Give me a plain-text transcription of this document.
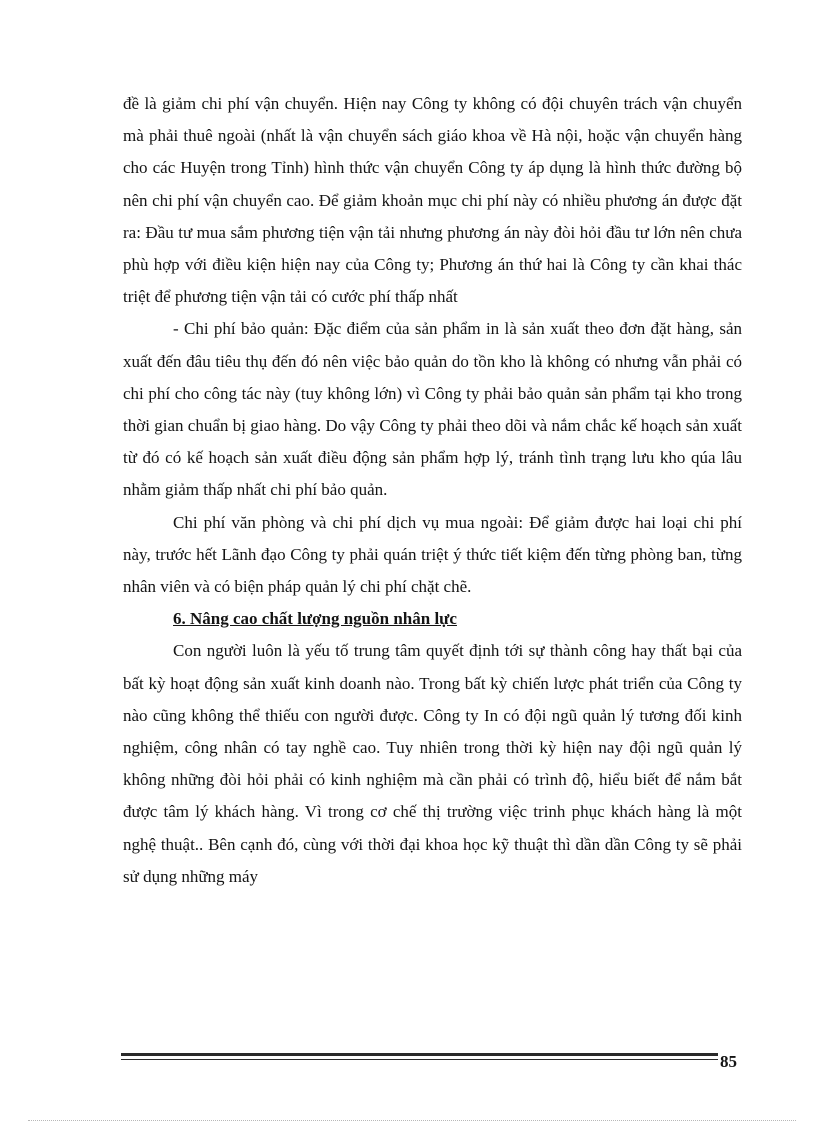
đề là giảm chi phí vận chuyển. Hiện nay Công ty không có đội chuyên trách vận chuyển mà phải thuê ngoài (nhất là vận chuyển sách giáo khoa về Hà nội, hoặc vận chuyển hàng cho các Huyện trong Tỉnh) hình thức vận chuyển Công ty áp dụng là hình thức đường bộ nên chi phí vận chuyển cao. Để giảm khoản mục chi phí này có nhiều phương án được đặt ra: Đầu tư mua sắm phương tiện vận tải nhưng phương án này đòi hỏi đầu tư lớn nên chưa phù hợp với điều kiện hiện nay của Công ty; Phương án thứ hai là Công ty cần khai thác triệt để phương tiện vận tải có cước phí thấp nhất

- Chi phí bảo quản: Đặc điểm của sản phẩm in là sản xuất theo đơn đặt hàng, sản xuất đến đâu tiêu thụ đến đó nên việc bảo quản do tồn kho là không có nhưng vẫn phải có chi phí cho công tác này (tuy không lớn) vì Công ty phải bảo quản sản phẩm tại kho trong thời gian chuẩn bị giao hàng. Do vậy Công ty phải theo dõi và nắm chắc kế hoạch sản xuất từ đó có kế hoạch sản xuất điều động sản phẩm hợp lý, tránh tình trạng lưu kho qúa lâu nhằm giảm thấp nhất chi phí bảo quản.

Chi phí văn phòng và chi phí dịch vụ mua ngoài: Để giảm được hai loại chi phí này, trước hết Lãnh đạo Công ty phải quán triệt ý thức tiết kiệm đến từng phòng ban, từng nhân viên và có biện pháp quản lý chi phí chặt chẽ.

6. Nâng cao chất lượng nguồn nhân lực

Con người luôn là yếu tố trung tâm quyết định tới sự thành công hay thất bại của bất kỳ hoạt động sản xuất kinh doanh nào. Trong bất kỳ chiến lược phát triển của Công ty nào cũng không thể thiếu con người được. Công ty In có đội ngũ quản lý tương đối kinh nghiệm, công nhân có tay nghề cao. Tuy nhiên trong thời kỳ hiện nay đội ngũ quản lý không những đòi hỏi phải có kinh nghiệm mà cần phải có trình độ, hiểu biết để nắm bắt được tâm lý khách hàng. Vì trong cơ chế thị trường việc trinh phục khách hàng là một nghệ thuật.. Bên cạnh đó, cùng với thời đại khoa học kỹ thuật thì dần dần Công ty sẽ phải sử dụng những máy

85
